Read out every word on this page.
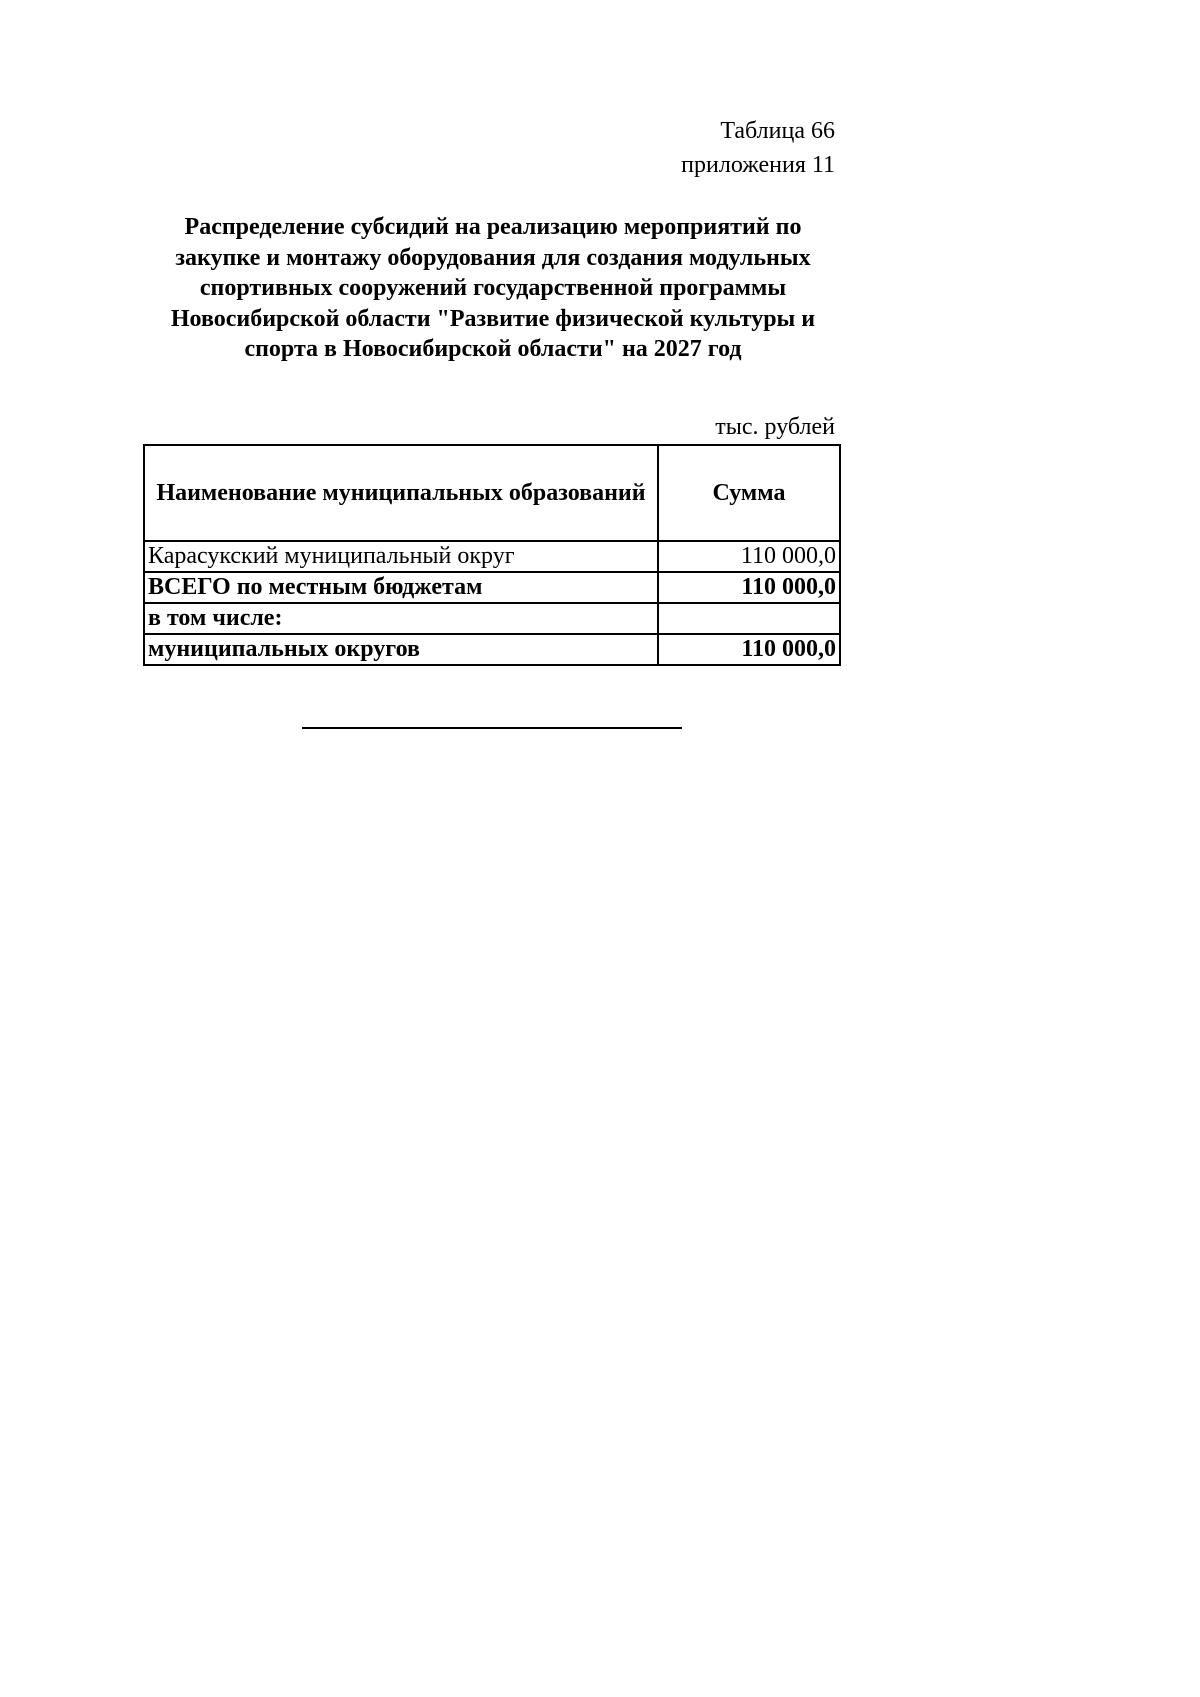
Таблица 66
приложения 11
Распределение субсидий на реализацию мероприятий по закупке и монтажу оборудования для создания модульных спортивных сооружений государственной программы Новосибирской области "Развитие физической культуры и спорта в Новосибирской области" на 2027 год
тыс. рублей
Наименование муниципальных образований	Сумма
Карасукский муниципальный округ	110 000,0
ВСЕГО по местным бюджетам	110 000,0
в том числе:	
муниципальных округов	110 000,0
